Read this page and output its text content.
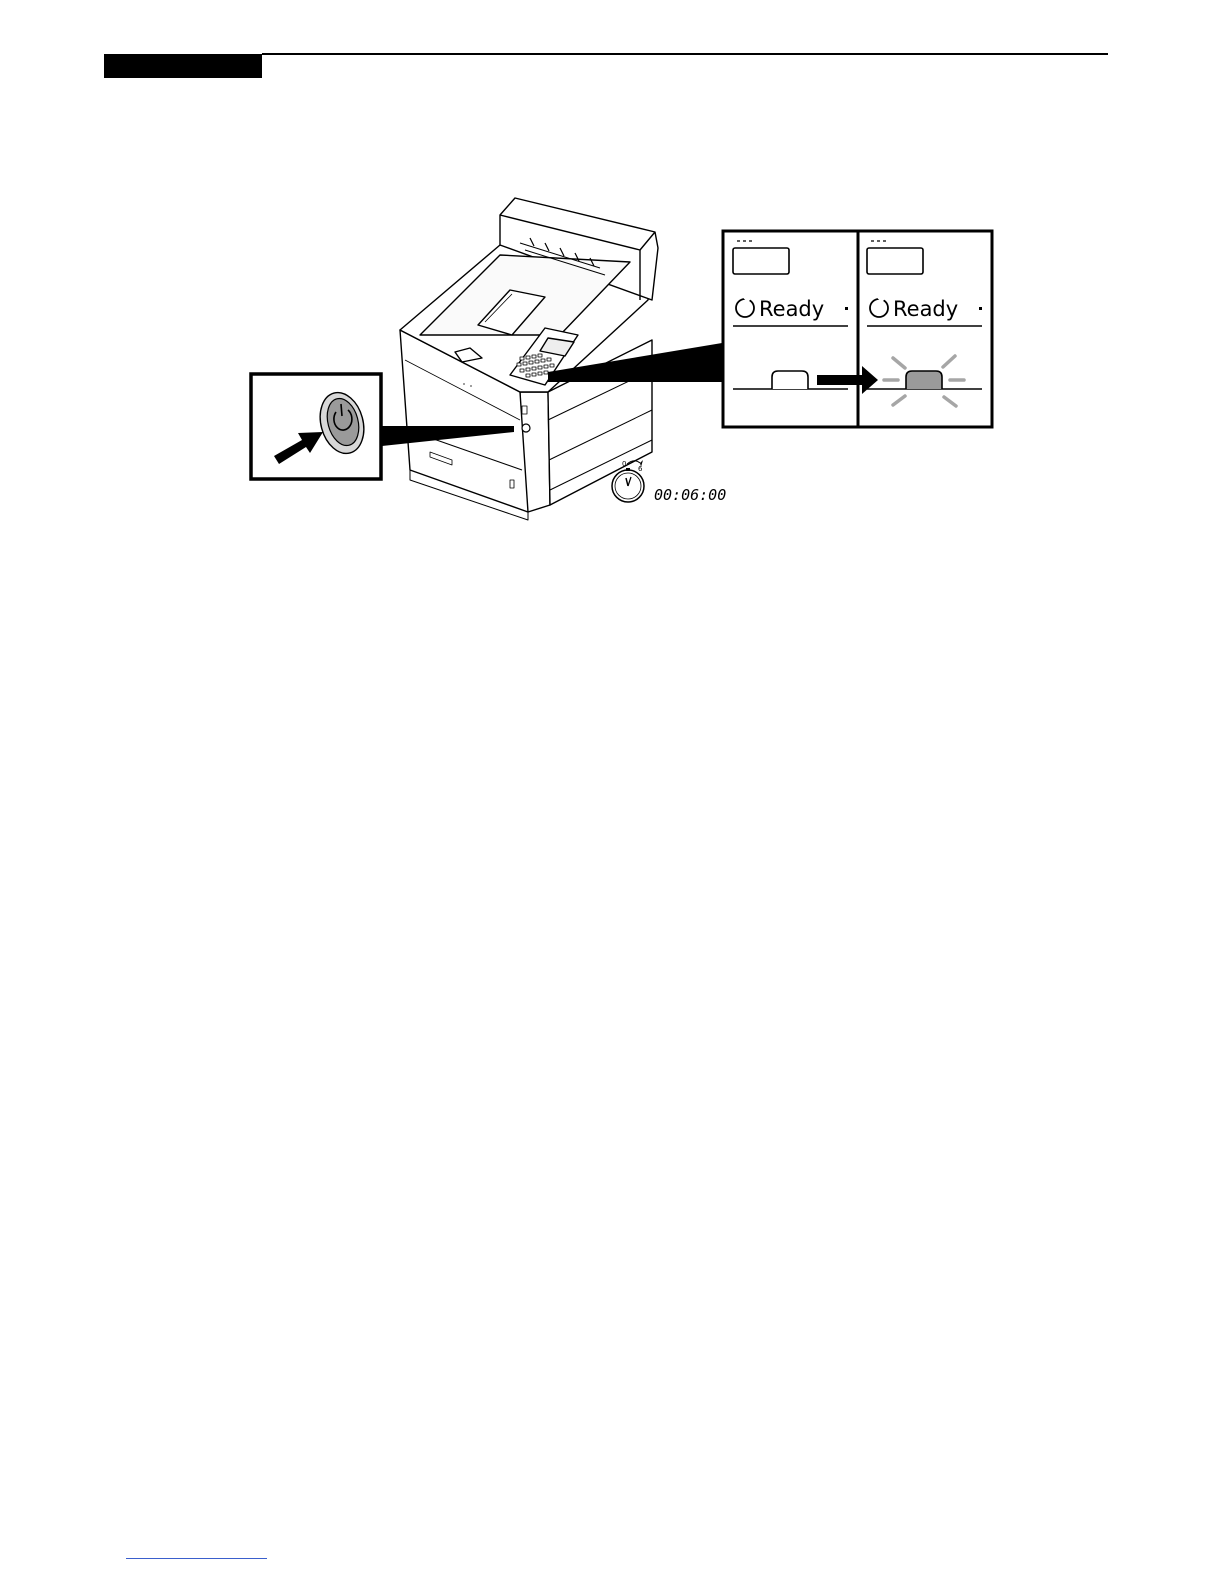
Ready	Ready
0
6
00:06:00
